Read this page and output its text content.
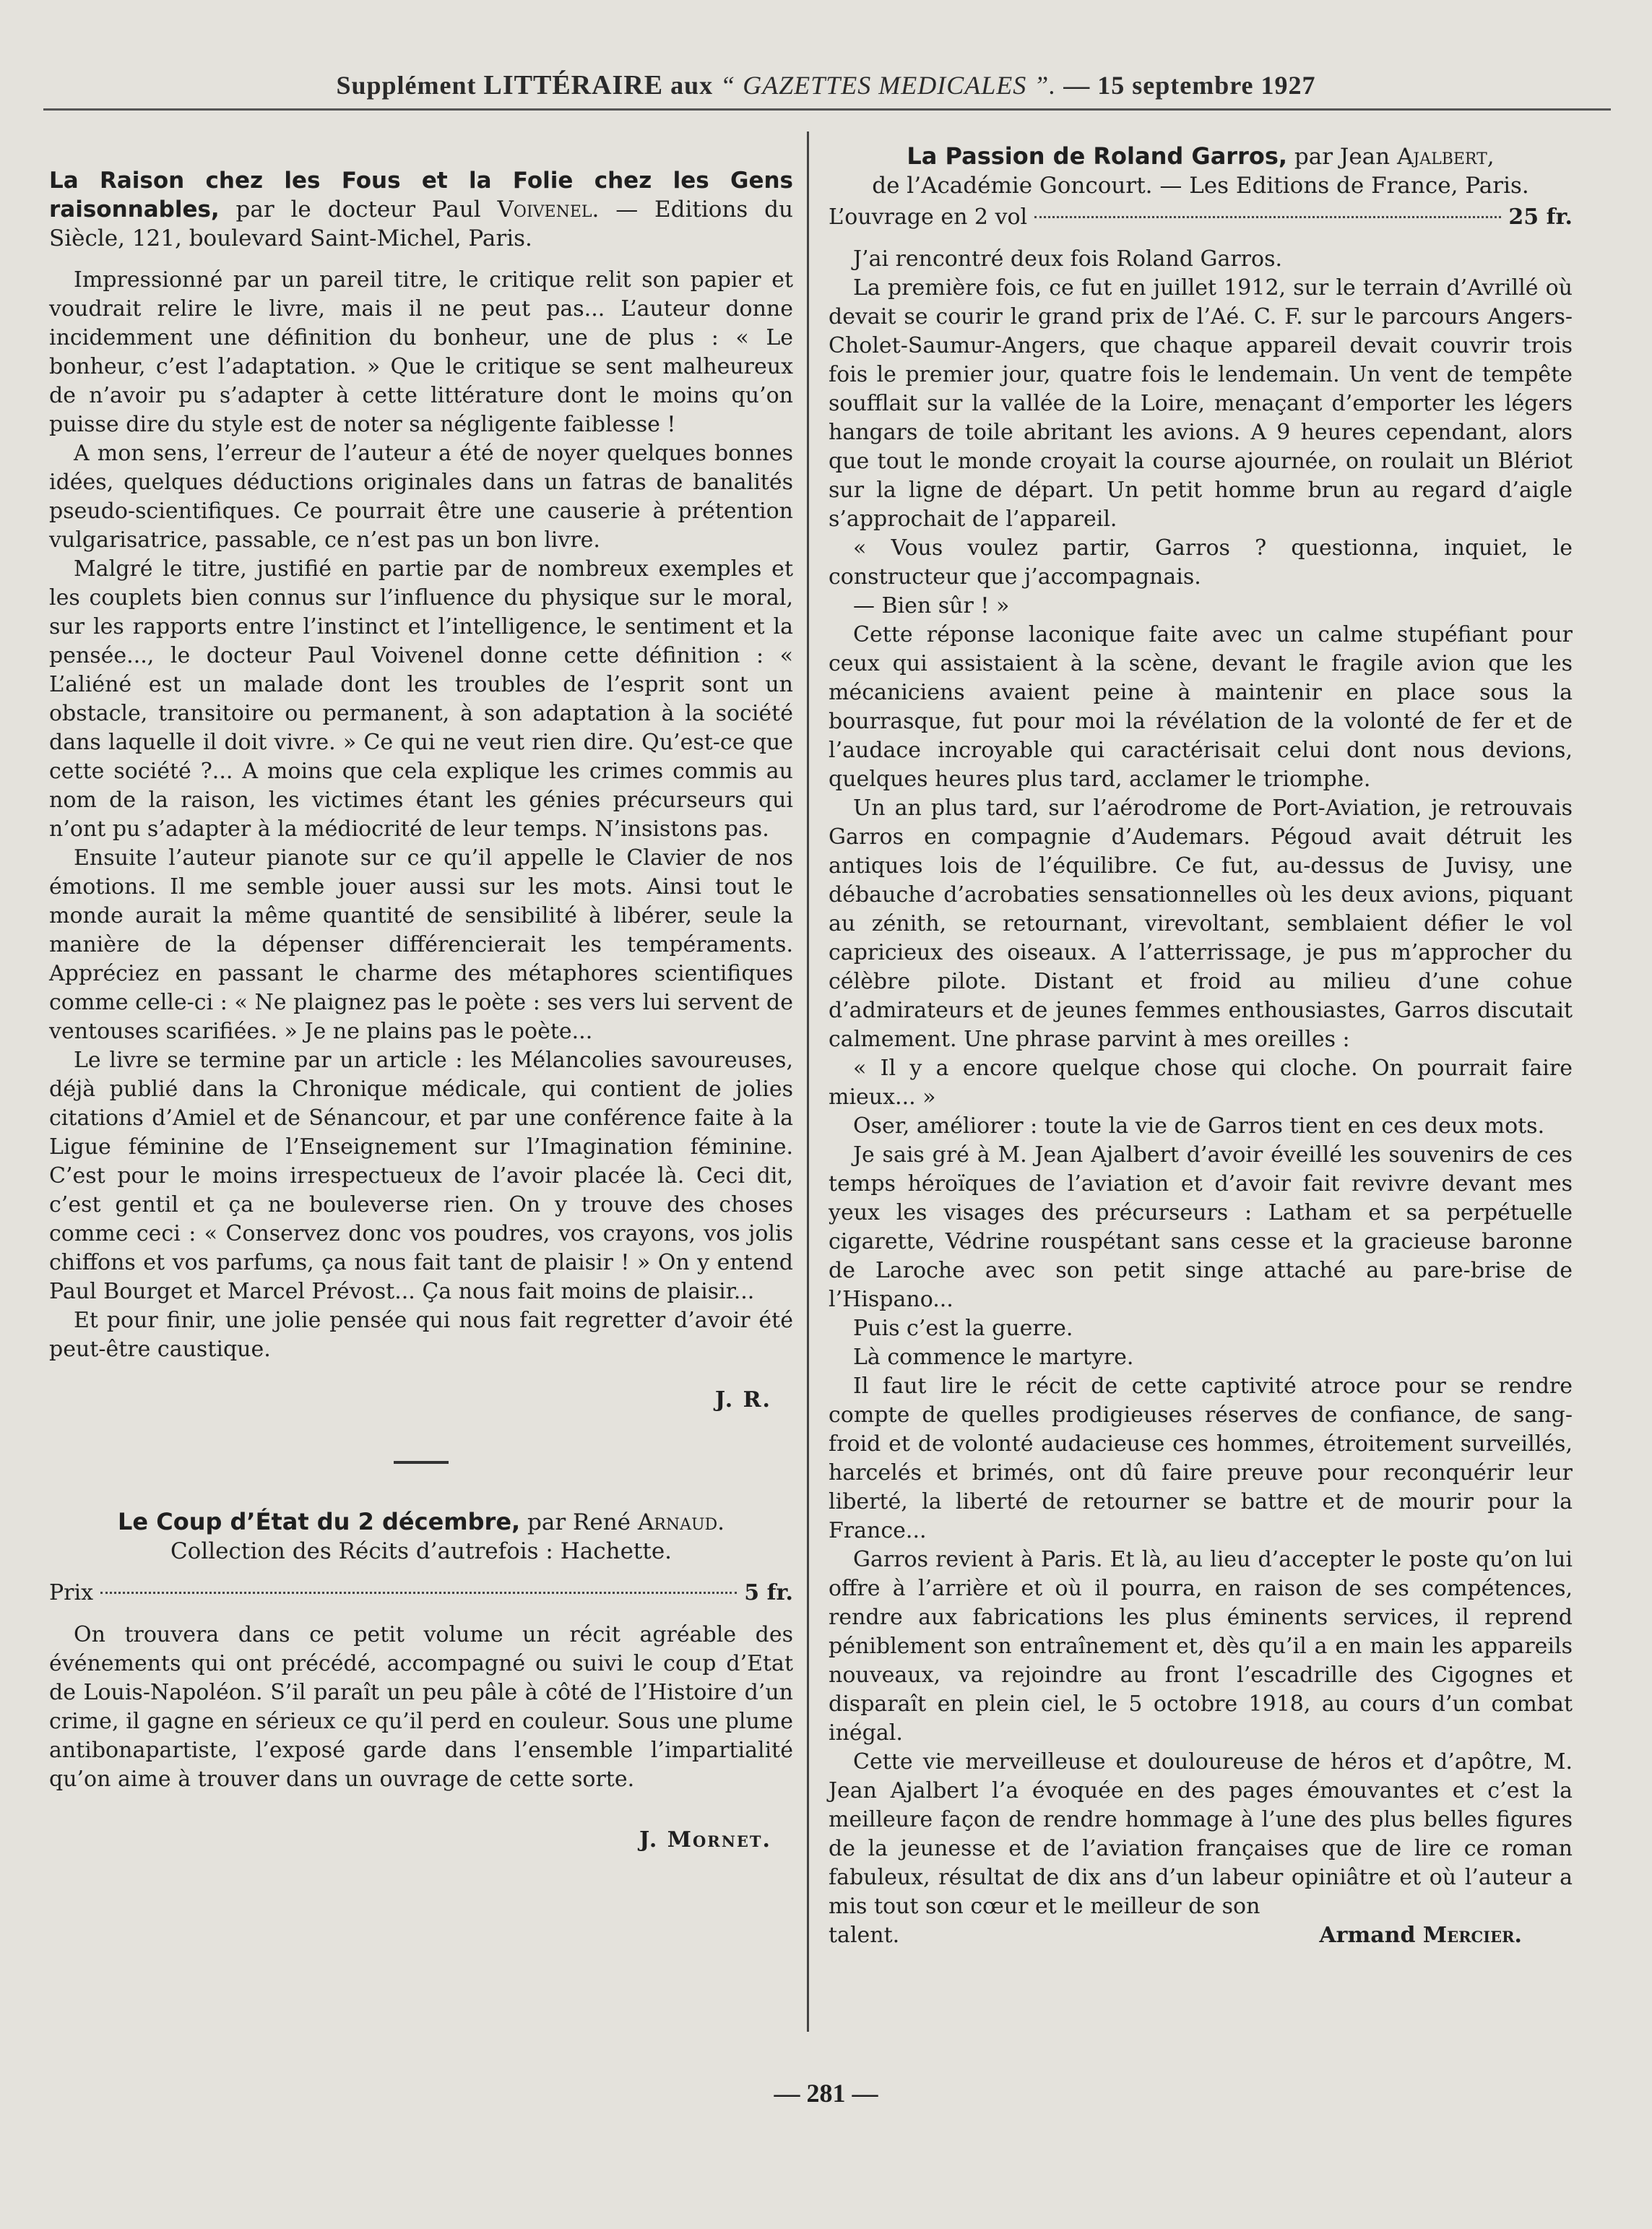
Supplément LITTÉRAIRE aux “ GAZETTES MEDICALES ”. — 15 septembre 1927
La Raison chez les Fous et la Folie chez les Gens raisonnables, par le docteur Paul Voivenel. — Editions du Siècle, 121, boulevard Saint-Michel, Paris.

Impressionné par un pareil titre, le critique relit son papier et voudrait relire le livre, mais il ne peut pas... L’auteur donne incidemment une définition du bonheur, une de plus : « Le bonheur, c’est l’adaptation. » Que le critique se sent malheureux de n’avoir pu s’adapter à cette littérature dont le moins qu’on puisse dire du style est de noter sa négligente faiblesse !

A mon sens, l’erreur de l’auteur a été de noyer quelques bonnes idées, quelques déductions originales dans un fatras de banalités pseudo-scientifiques. Ce pourrait être une causerie à prétention vulgarisatrice, passable, ce n’est pas un bon livre.

Malgré le titre, justifié en partie par de nombreux exemples et les couplets bien connus sur l’influence du physique sur le moral, sur les rapports entre l’instinct et l’intelligence, le sentiment et la pensée..., le docteur Paul Voivenel donne cette définition : « L’aliéné est un malade dont les troubles de l’esprit sont un obstacle, transitoire ou permanent, à son adaptation à la société dans laquelle il doit vivre. » Ce qui ne veut rien dire. Qu’est-ce que cette société ?... A moins que cela explique les crimes commis au nom de la raison, les victimes étant les génies précurseurs qui n’ont pu s’adapter à la médiocrité de leur temps. N’insistons pas.

Ensuite l’auteur pianote sur ce qu’il appelle le Clavier de nos émotions. Il me semble jouer aussi sur les mots. Ainsi tout le monde aurait la même quantité de sensibilité à libérer, seule la manière de la dépenser différencierait les tempéraments. Appréciez en passant le charme des métaphores scientifiques comme celle-ci : « Ne plaignez pas le poète : ses vers lui servent de ventouses scarifiées. » Je ne plains pas le poète...

Le livre se termine par un article : les Mélancolies savoureuses, déjà publié dans la Chronique médicale, qui contient de jolies citations d’Amiel et de Sénancour, et par une conférence faite à la Ligue féminine de l’Enseignement sur l’Imagination féminine. C’est pour le moins irrespectueux de l’avoir placée là. Ceci dit, c’est gentil et ça ne bouleverse rien. On y trouve des choses comme ceci : « Conservez donc vos poudres, vos crayons, vos jolis chiffons et vos parfums, ça nous fait tant de plaisir ! » On y entend Paul Bourget et Marcel Prévost... Ça nous fait moins de plaisir...

Et pour finir, une jolie pensée qui nous fait regretter d’avoir été peut-être caustique.

J. R.
Le Coup d’État du 2 décembre, par René Arnaud.
Collection des Récits d’autrefois : Hachette.
Prix	5 fr.

On trouvera dans ce petit volume un récit agréable des événements qui ont précédé, accompagné ou suivi le coup d’Etat de Louis-Napoléon. S’il paraît un peu pâle à côté de l’Histoire d’un crime, il gagne en sérieux ce qu’il perd en couleur. Sous une plume antibonapartiste, l’exposé garde dans l’ensemble l’impartialité qu’on aime à trouver dans un ouvrage de cette sorte.

J. Mornet.
La Passion de Roland Garros, par Jean Ajalbert,
de l’Académie Goncourt. — Les Editions de France, Paris.
L’ouvrage en 2 vol	25 fr.

J’ai rencontré deux fois Roland Garros.

La première fois, ce fut en juillet 1912, sur le terrain d’Avrillé où devait se courir le grand prix de l’Aé. C. F. sur le parcours Angers-Cholet-Saumur-Angers, que chaque appareil devait couvrir trois fois le premier jour, quatre fois le lendemain. Un vent de tempête soufflait sur la vallée de la Loire, menaçant d’emporter les légers hangars de toile abritant les avions. A 9 heures cependant, alors que tout le monde croyait la course ajournée, on roulait un Blériot sur la ligne de départ. Un petit homme brun au regard d’aigle s’approchait de l’appareil.

« Vous voulez partir, Garros ? questionna, inquiet, le constructeur que j’accompagnais.

— Bien sûr ! »

Cette réponse laconique faite avec un calme stupéfiant pour ceux qui assistaient à la scène, devant le fragile avion que les mécaniciens avaient peine à maintenir en place sous la bourrasque, fut pour moi la révélation de la volonté de fer et de l’audace incroyable qui caractérisait celui dont nous devions, quelques heures plus tard, acclamer le triomphe.

Un an plus tard, sur l’aérodrome de Port-Aviation, je retrouvais Garros en compagnie d’Audemars. Pégoud avait détruit les antiques lois de l’équilibre. Ce fut, au-dessus de Juvisy, une débauche d’acrobaties sensationnelles où les deux avions, piquant au zénith, se retournant, virevoltant, semblaient défier le vol capricieux des oiseaux. A l’atterrissage, je pus m’approcher du célèbre pilote. Distant et froid au milieu d’une cohue d’admirateurs et de jeunes femmes enthousiastes, Garros discutait calmement. Une phrase parvint à mes oreilles :

« Il y a encore quelque chose qui cloche. On pourrait faire mieux... »

Oser, améliorer : toute la vie de Garros tient en ces deux mots.

Je sais gré à M. Jean Ajalbert d’avoir éveillé les souvenirs de ces temps héroïques de l’aviation et d’avoir fait revivre devant mes yeux les visages des précurseurs : Latham et sa perpétuelle cigarette, Védrine rouspétant sans cesse et la gracieuse baronne de Laroche avec son petit singe attaché au pare-brise de l’Hispano...

Puis c’est la guerre.

Là commence le martyre.

Il faut lire le récit de cette captivité atroce pour se rendre compte de quelles prodigieuses réserves de confiance, de sang-froid et de volonté audacieuse ces hommes, étroitement surveillés, harcelés et brimés, ont dû faire preuve pour reconquérir leur liberté, la liberté de retourner se battre et de mourir pour la France...

Garros revient à Paris. Et là, au lieu d’accepter le poste qu’on lui offre à l’arrière et où il pourra, en raison de ses compétences, rendre aux fabrications les plus éminents services, il reprend péniblement son entraînement et, dès qu’il a en main les appareils nouveaux, va rejoindre au front l’escadrille des Cigognes et disparaît en plein ciel, le 5 octobre 1918, au cours d’un combat inégal.

Cette vie merveilleuse et douloureuse de héros et d’apôtre, M. Jean Ajalbert l’a évoquée en des pages émouvantes et c’est la meilleure façon de rendre hommage à l’une des plus belles figures de la jeunesse et de l’aviation françaises que de lire ce roman fabuleux, résultat de dix ans d’un labeur opiniâtre et où l’auteur a mis tout son cœur et le meilleur de son

talent.	Armand Mercier.
— 281 —
